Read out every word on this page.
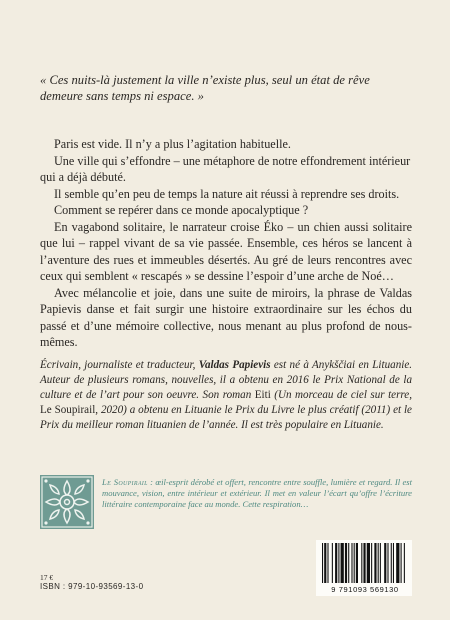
« Ces nuits-là justement la ville n’existe plus, seul un état de rêve demeure sans temps ni espace. »

Paris est vide. Il n’y a plus l’agitation habituelle.

Une ville qui s’effondre – une métaphore de notre effondrement intérieur qui a déjà débuté.

Il semble qu’en peu de temps la nature ait réussi à reprendre ses droits.

Comment se repérer dans ce monde apocalyptique ?

En vagabond solitaire, le narrateur croise Éko – un chien aussi solitaire que lui – rappel vivant de sa vie passée. Ensemble, ces héros se lancent à l’aventure des rues et immeubles désertés. Au gré de leurs rencontres avec ceux qui semblent « rescapés » se dessine l’espoir d’une arche de Noé…

Avec mélancolie et joie, dans une suite de miroirs, la phrase de Valdas Papievis danse et fait surgir une histoire extraordinaire sur les échos du passé et d’une mémoire collective, nous menant au plus profond de nous-mêmes.

Écrivain, journaliste et traducteur, Valdas Papievis est né à Anykščiai en Lituanie. Auteur de plusieurs romans, nouvelles, il a obtenu en 2016 le Prix National de la culture et de l’art pour son oeuvre. Son roman Eiti (Un morceau de ciel sur terre, Le Soupirail, 2020) a obtenu en Lituanie le Prix du Livre le plus créatif (2011) et le Prix du meilleur roman lituanien de l’année. Il est très populaire en Lituanie.
Le Soupirail : œil-esprit dérobé et offert, rencontre entre souffle, lumière et regard. Il est mouvance, vision, entre intérieur et extérieur. Il met en valeur l’écart qu’offre l’écriture littéraire contemporaine face au monde. Cette respiration…
17 €
ISBN : 979-10-93569-13-0	9 791093 569130
